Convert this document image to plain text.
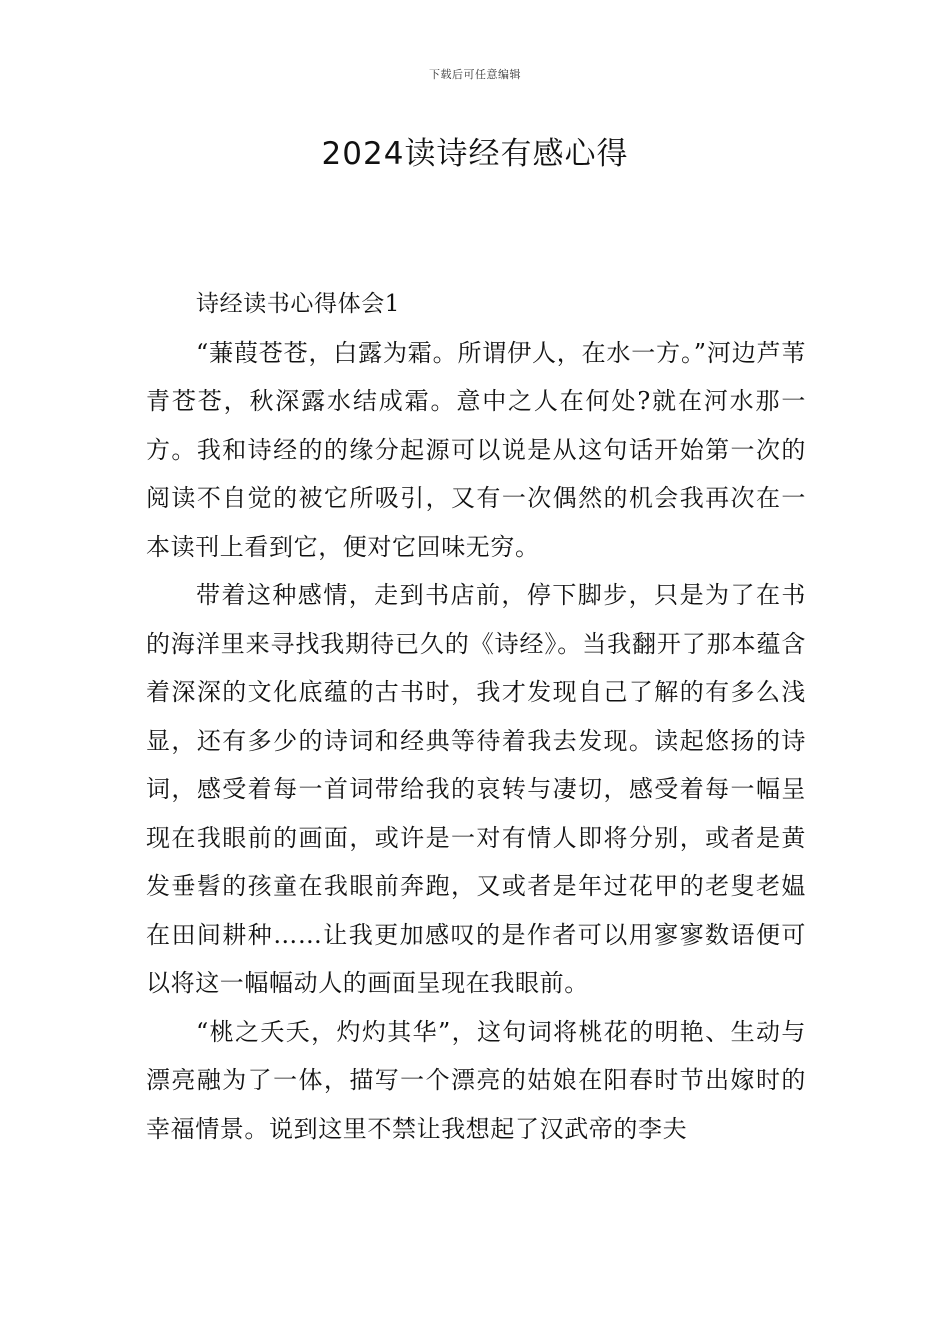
下载后可任意编辑
2024读诗经有感心得

诗经读书心得体会1

“蒹葭苍苍，白露为霜。所谓伊人，在水一方。”河边芦苇青苍苍，秋深露水结成霜。意中之人在何处?就在河水那一方。我和诗经的的缘分起源可以说是从这句话开始第一次的阅读不自觉的被它所吸引，又有一次偶然的机会我再次在一本读刊上看到它，便对它回味无穷。

带着这种感情，走到书店前，停下脚步，只是为了在书的海洋里来寻找我期待已久的《诗经》。当我翻开了那本蕴含着深深的文化底蕴的古书时，我才发现自己了解的有多么浅显，还有多少的诗词和经典等待着我去发现。读起悠扬的诗词，感受着每一首词带给我的哀转与凄切，感受着每一幅呈现在我眼前的画面，或许是一对有情人即将分别，或者是黄发垂髫的孩童在我眼前奔跑，又或者是年过花甲的老叟老媪在田间耕种……让我更加感叹的是作者可以用寥寥数语便可以将这一幅幅动人的画面呈现在我眼前。

“桃之夭夭，灼灼其华”，这句词将桃花的明艳、生动与漂亮融为了一体，描写一个漂亮的姑娘在阳春时节出嫁时的幸福情景。说到这里不禁让我想起了汉武帝的李夫
